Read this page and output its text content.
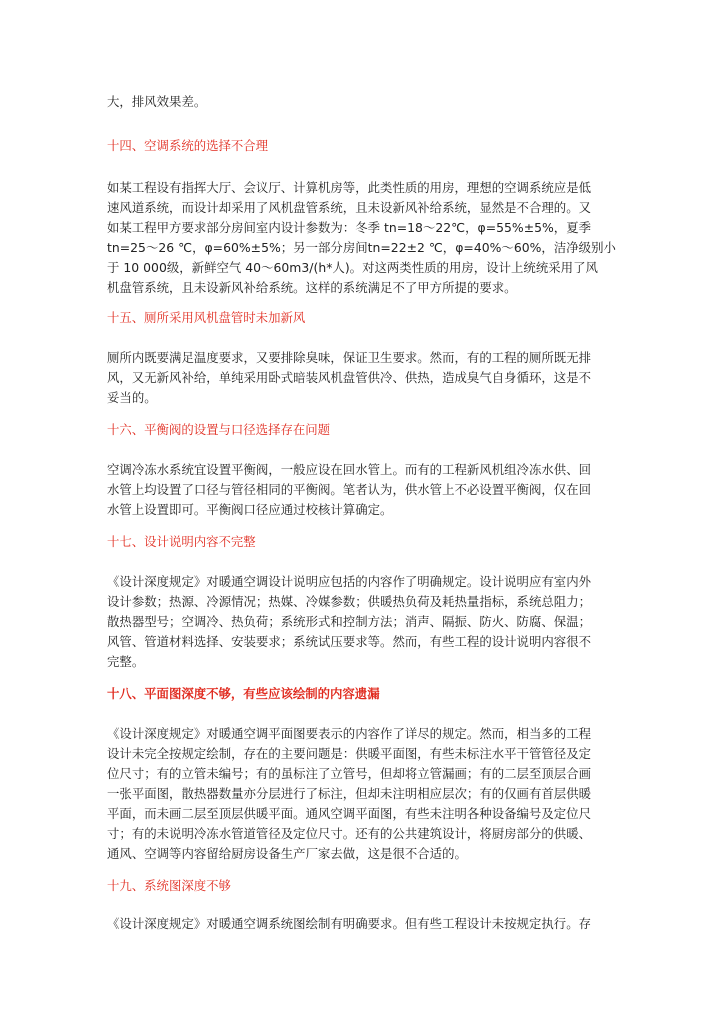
大，排风效果差。

十四、空调系统的选择不合理

如某工程设有指挥大厅、会议厅、计算机房等，此类性质的用房，理想的空调系统应是低
速风道系统，而设计却采用了风机盘管系统，且未设新风补给系统，显然是不合理的。又
如某工程甲方要求部分房间室内设计参数为：冬季 tn=18～22℃，φ=55%±5%，夏季
tn=25～26 ℃，φ=60%±5%；另一部分房间tn=22±2 ℃，φ=40%～60%，洁净级别小
于 10 000级，新鲜空气 40～60m3/(h*人)。对这两类性质的用房，设计上统统采用了风
机盘管系统，且未设新风补给系统。这样的系统满足不了甲方所提的要求。

十五、厕所采用风机盘管时未加新风

厕所内既要满足温度要求，又要排除臭味，保证卫生要求。然而，有的工程的厕所既无排
风，又无新风补给，单纯采用卧式暗装风机盘管供冷、供热，造成臭气自身循环，这是不
妥当的。

十六、平衡阀的设置与口径选择存在问题

空调冷冻水系统宜设置平衡阀，一般应设在回水管上。而有的工程新风机组冷冻水供、回
水管上均设置了口径与管径相同的平衡阀。笔者认为，供水管上不必设置平衡阀，仅在回
水管上设置即可。平衡阀口径应通过校核计算确定。

十七、设计说明内容不完整

《设计深度规定》对暖通空调设计说明应包括的内容作了明确规定。设计说明应有室内外
设计参数；热源、冷源情况；热媒、冷媒参数；供暖热负荷及耗热量指标，系统总阻力；
散热器型号；空调冷、热负荷；系统形式和控制方法；消声、隔振、防火、防腐、保温；
风管、管道材料选择、安装要求；系统试压要求等。然而，有些工程的设计说明内容很不
完整。

十八、平面图深度不够，有些应该绘制的内容遗漏

《设计深度规定》对暖通空调平面图要表示的内容作了详尽的规定。然而，相当多的工程
设计未完全按规定绘制，存在的主要问题是：供暖平面图，有些未标注水平干管管径及定
位尺寸；有的立管未编号；有的虽标注了立管号，但却将立管漏画；有的二层至顶层合画
一张平面图，散热器数量亦分层进行了标注，但却未注明相应层次；有的仅画有首层供暖
平面，而未画二层至顶层供暖平面。通风空调平面图，有些未注明各种设备编号及定位尺
寸；有的未说明冷冻水管道管径及定位尺寸。还有的公共建筑设计，将厨房部分的供暖、
通风、空调等内容留给厨房设备生产厂家去做，这是很不合适的。

十九、系统图深度不够

《设计深度规定》对暖通空调系统图绘制有明确要求。但有些工程设计未按规定执行。存
